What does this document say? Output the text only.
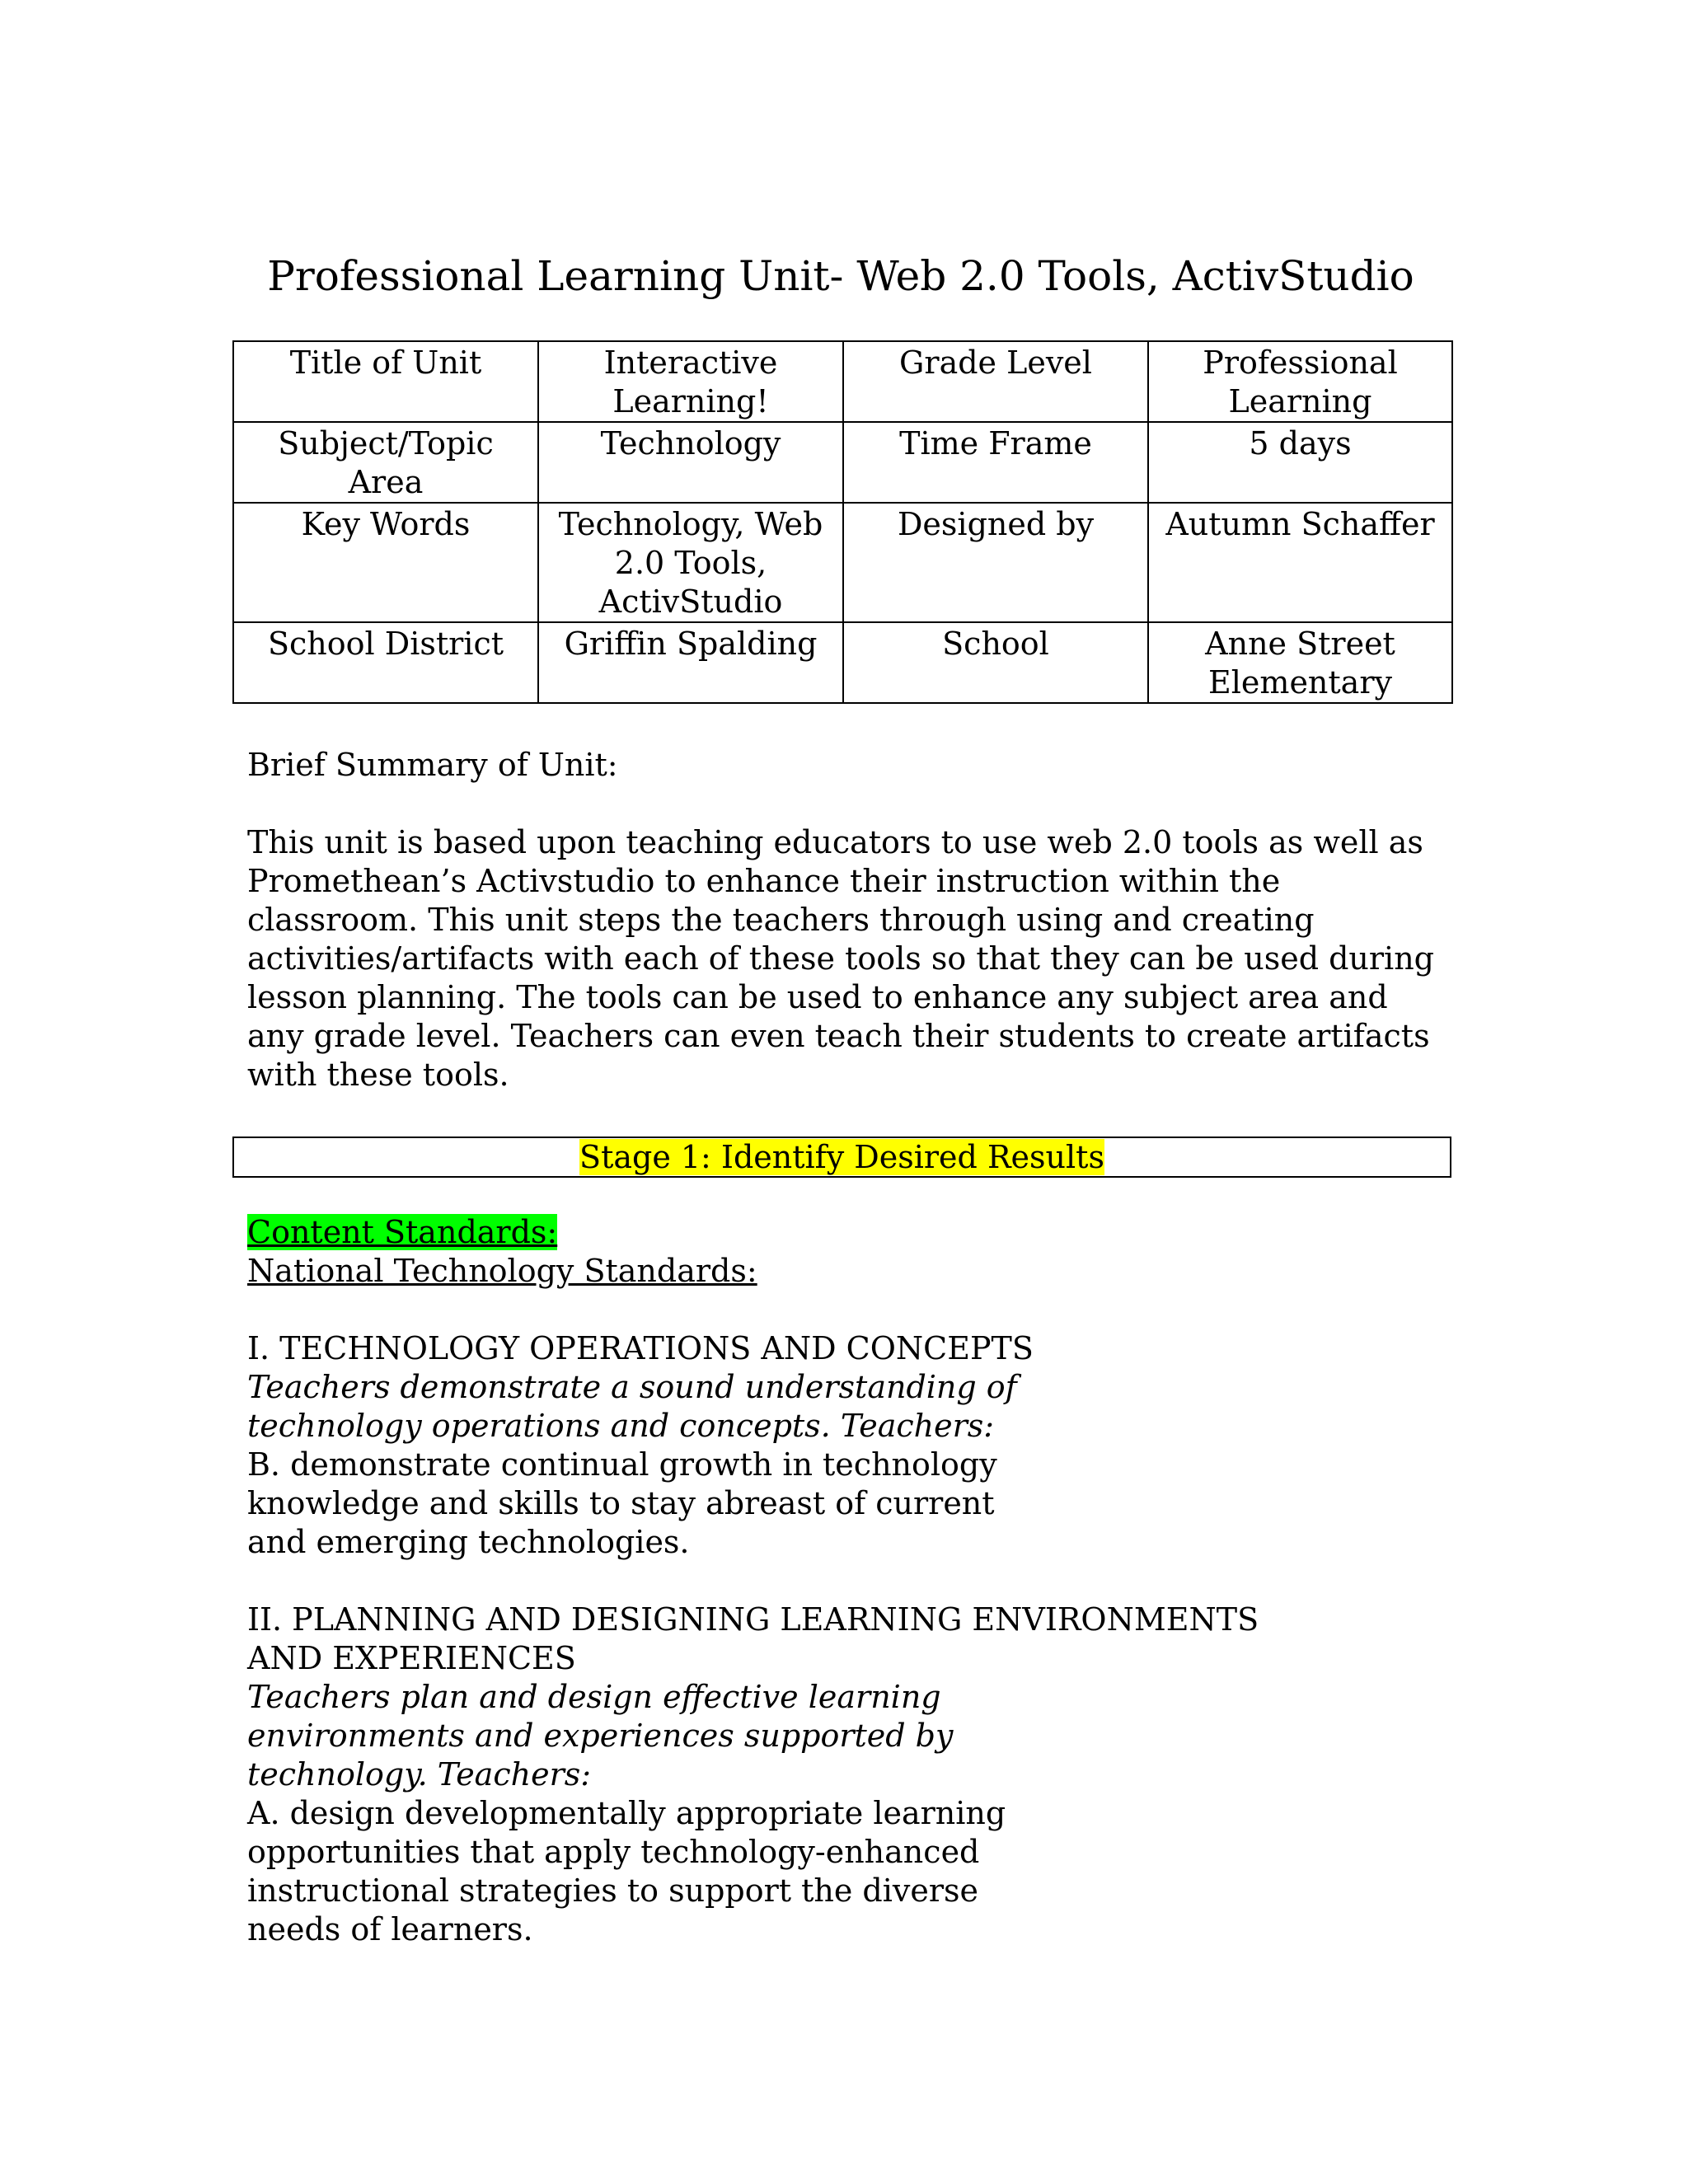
Professional Learning Unit- Web 2.0 Tools, ActivStudio
Title of Unit	Interactive Learning!	Grade Level	Professional Learning
Subject/Topic Area	Technology	Time Frame	5 days
Key Words	Technology, Web 2.0 Tools, ActivStudio	Designed by	Autumn Schaffer
School District	Griffin Spalding	School	Anne Street Elementary
Brief Summary of Unit:
This unit is based upon teaching educators to use web 2.0 tools as well as Promethean’s Activstudio to enhance their instruction within the classroom. This unit steps the teachers through using and creating activities/artifacts with each of these tools so that they can be used during lesson planning. The tools can be used to enhance any subject area and any grade level. Teachers can even teach their students to create artifacts with these tools.
Stage 1: Identify Desired Results
Content Standards:
National Technology Standards:
I. TECHNOLOGY OPERATIONS AND CONCEPTS
Teachers demonstrate a sound understanding of
technology operations and concepts. Teachers:
B. demonstrate continual growth in technology
knowledge and skills to stay abreast of current
and emerging technologies.
II. PLANNING AND DESIGNING LEARNING ENVIRONMENTS
AND EXPERIENCES
Teachers plan and design effective learning
environments and experiences supported by
technology. Teachers:
A. design developmentally appropriate learning
opportunities that apply technology-enhanced
instructional strategies to support the diverse
needs of learners.
